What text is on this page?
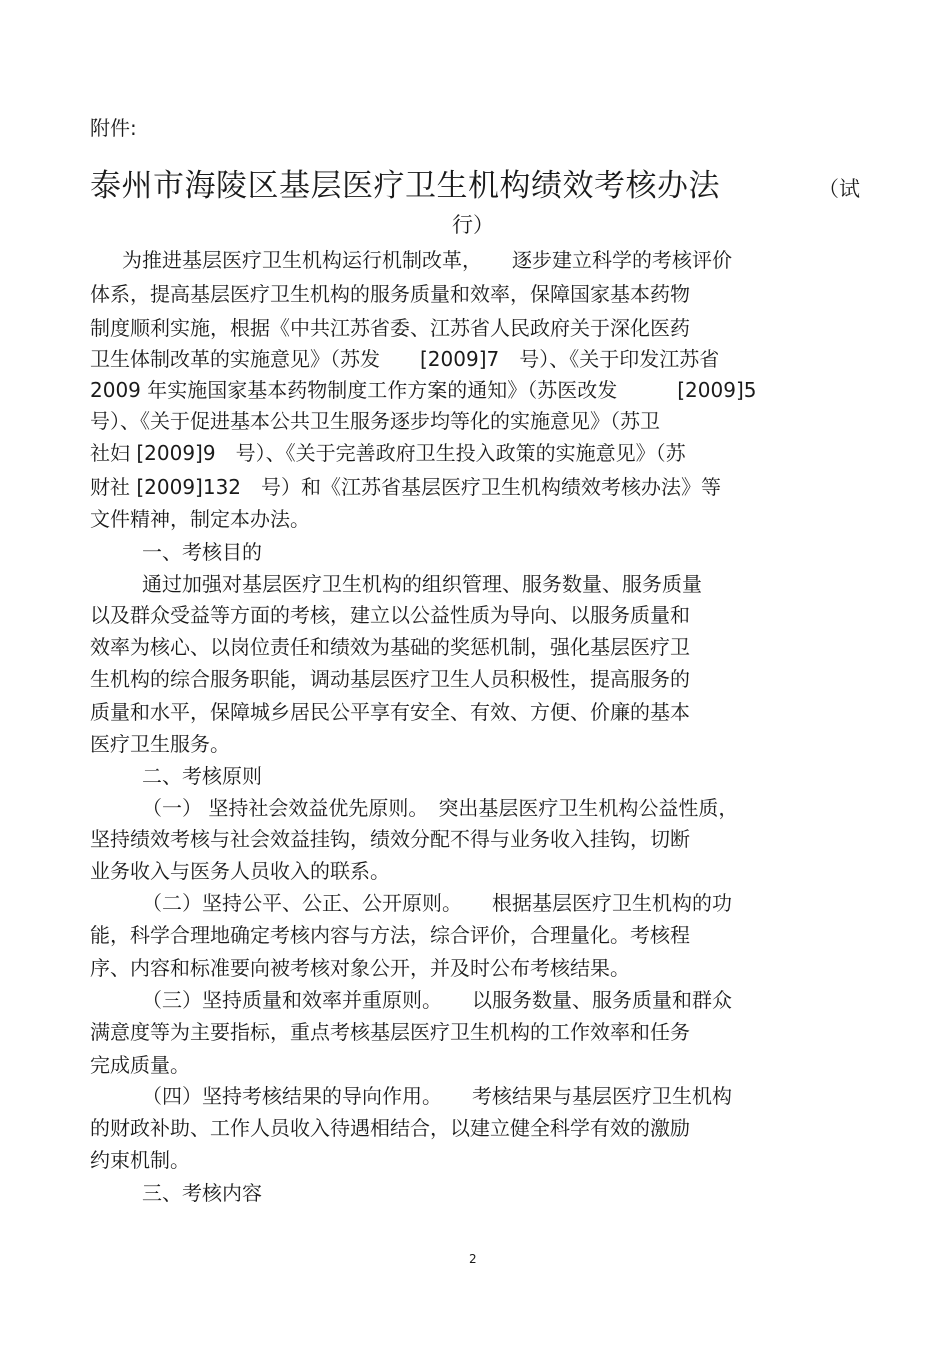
附件:
泰州市海陵区基层医疗卫生机构绩效考核办法	（试
行）
为推进基层医疗卫生机构运行机制改革，　　逐步建立科学的考核评价
体系，提高基层医疗卫生机构的服务质量和效率，保障国家基本药物
制度顺利实施，根据《中共江苏省委、江苏省人民政府关于深化医药
卫生体制改革的实施意见》（苏发　　[2009]7　号）、《关于印发江苏省
2009 年实施国家基本药物制度工作方案的通知》（苏医改发　　　[2009]5
号）、《关于促进基本公共卫生服务逐步均等化的实施意见》（苏卫
社妇 [2009]9　号）、《关于完善政府卫生投入政策的实施意见》（苏
财社 [2009]132　号）和《江苏省基层医疗卫生机构绩效考核办法》等
文件精神，制定本办法。
一、考核目的
通过加强对基层医疗卫生机构的组织管理、服务数量、服务质量
以及群众受益等方面的考核，建立以公益性质为导向、以服务质量和
效率为核心、以岗位责任和绩效为基础的奖惩机制，强化基层医疗卫
生机构的综合服务职能，调动基层医疗卫生人员积极性，提高服务的
质量和水平，保障城乡居民公平享有安全、有效、方便、价廉的基本
医疗卫生服务。
二、考核原则
（一） 坚持社会效益优先原则。　突出基层医疗卫生机构公益性质，
坚持绩效考核与社会效益挂钩，绩效分配不得与业务收入挂钩，切断
业务收入与医务人员收入的联系。
（二）坚持公平、公正、公开原则。　　根据基层医疗卫生机构的功
能，科学合理地确定考核内容与方法，综合评价，合理量化。考核程
序、内容和标准要向被考核对象公开，并及时公布考核结果。
（三）坚持质量和效率并重原则。　　以服务数量、服务质量和群众
满意度等为主要指标，重点考核基层医疗卫生机构的工作效率和任务
完成质量。
（四）坚持考核结果的导向作用。　　考核结果与基层医疗卫生机构
的财政补助、工作人员收入待遇相结合，以建立健全科学有效的激励
约束机制。
三、考核内容
2
